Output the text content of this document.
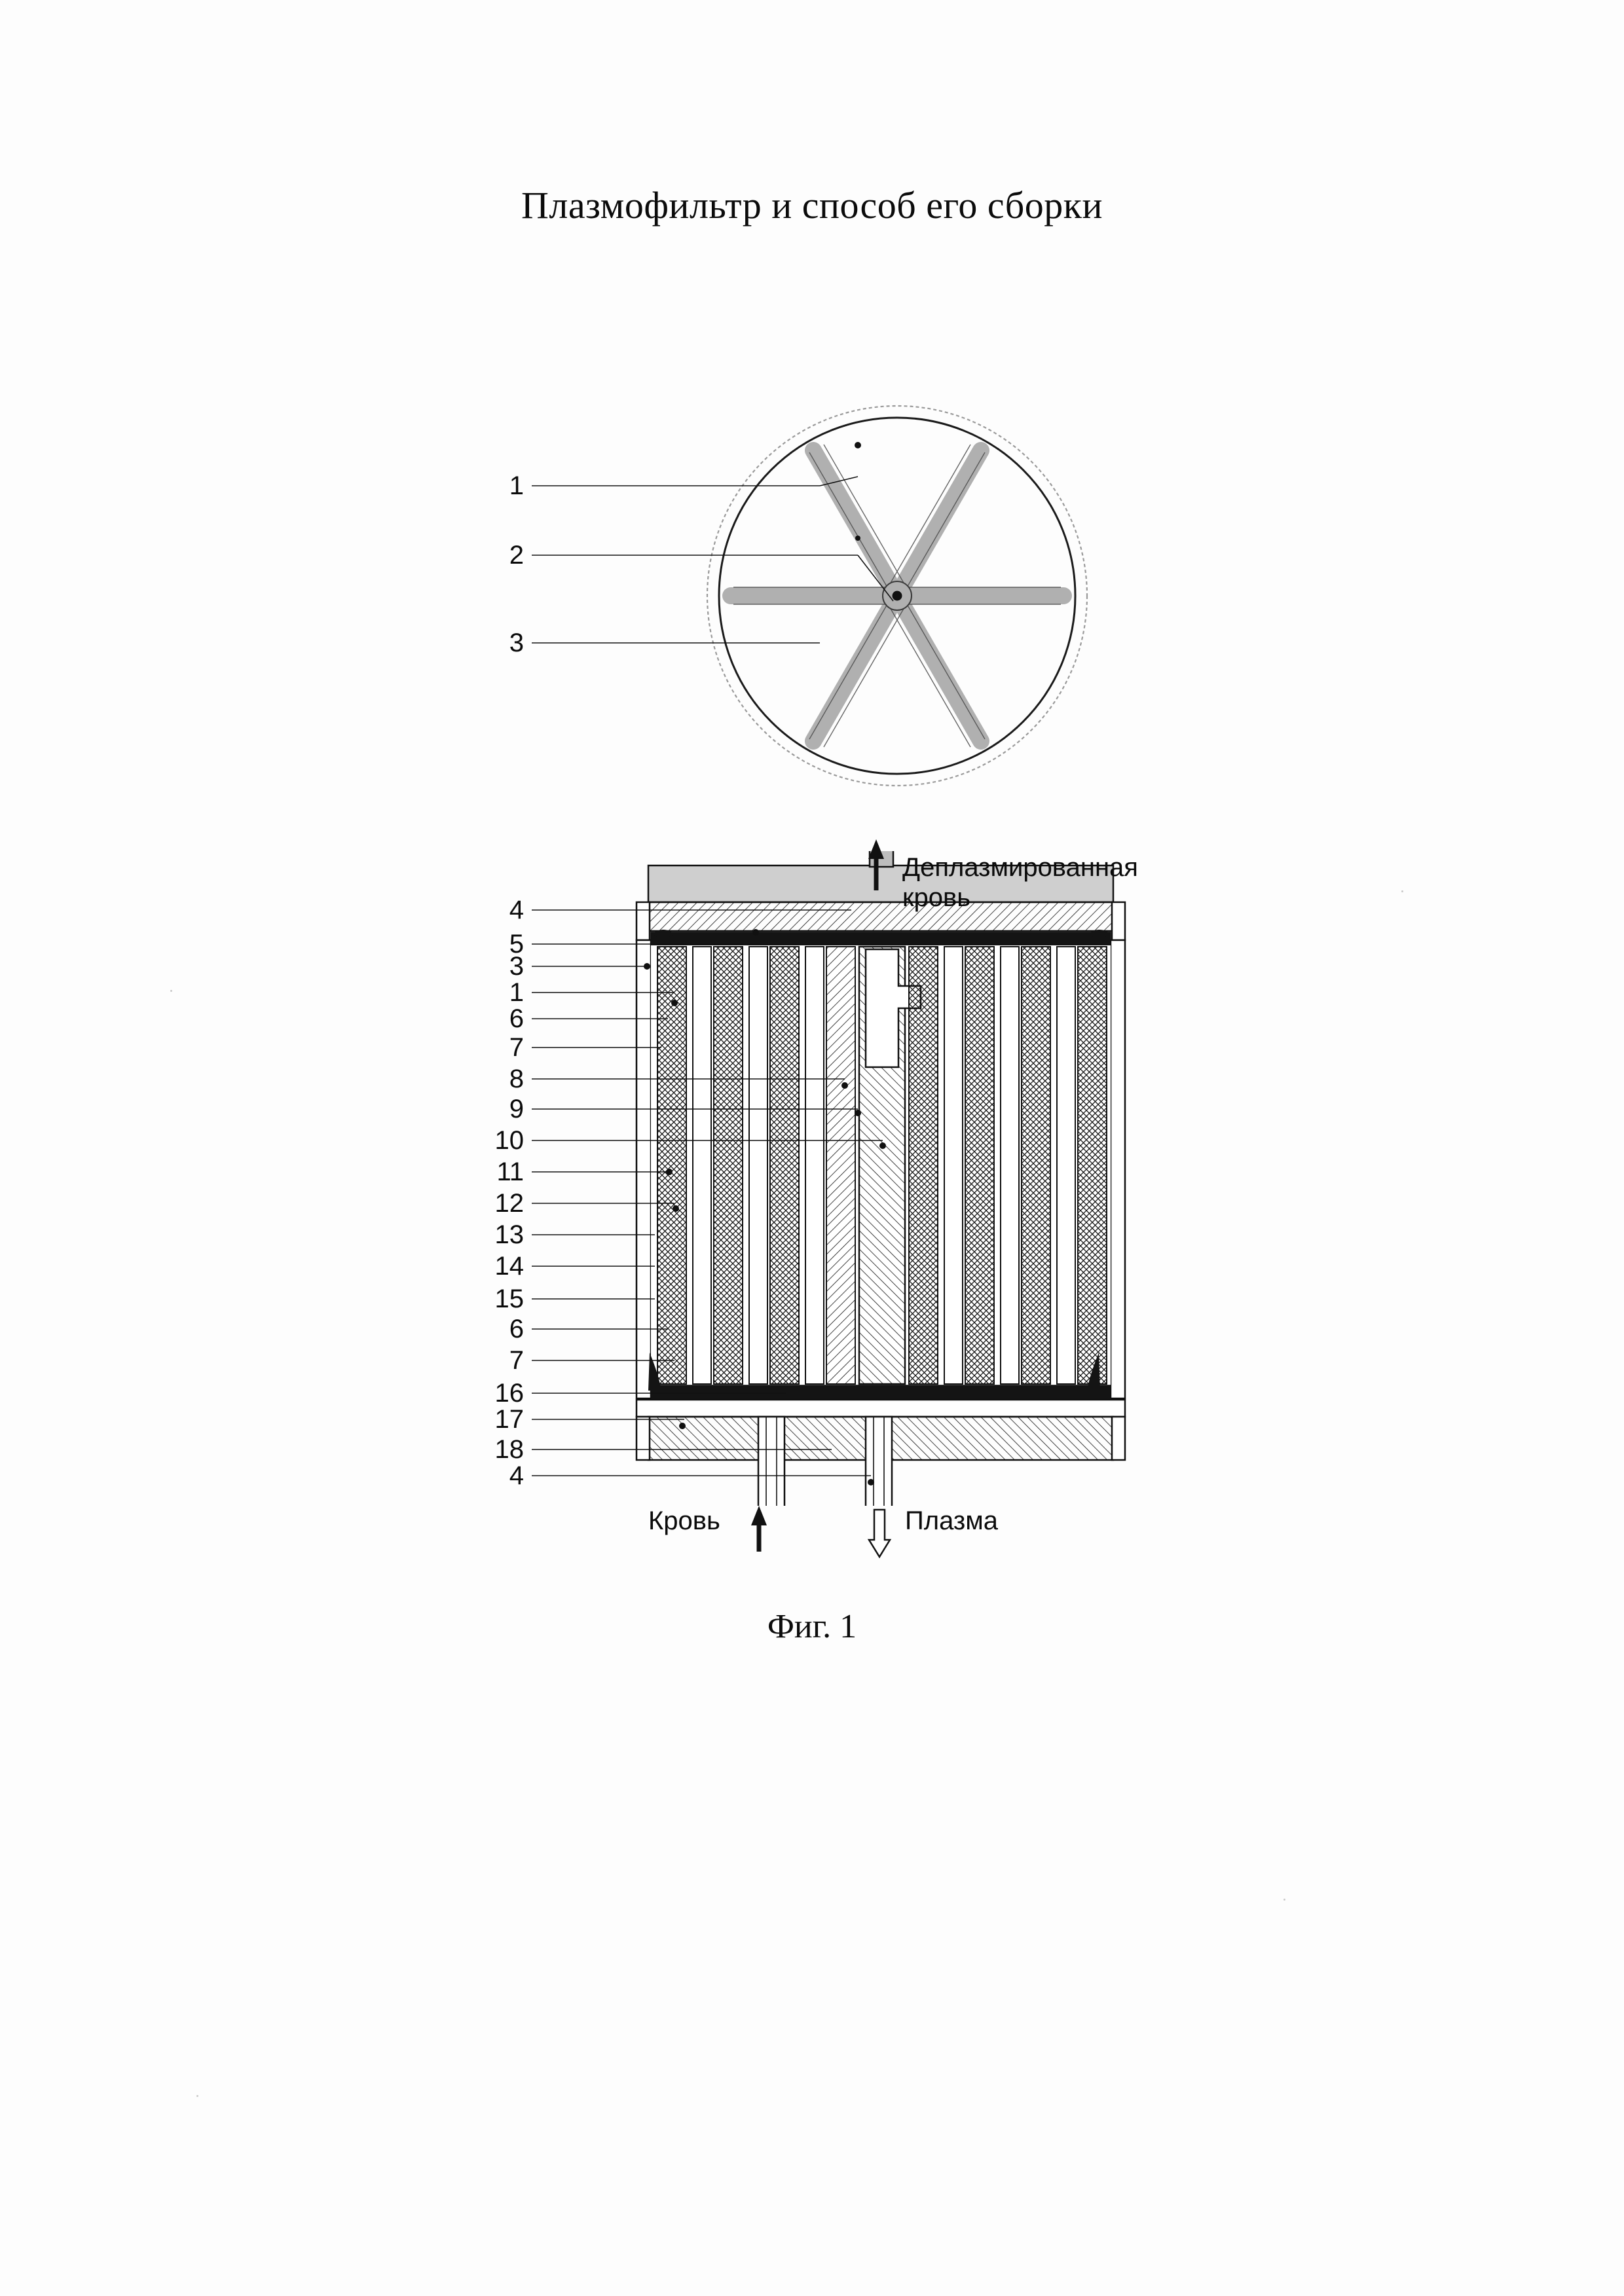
Плазмофильтр и способ его сборки
1
2
3
4
5
3
1
6
7
8
9
10
11
12
13
14
15
6
7
16
17
18
4
Деплазмированная
кровь
Кровь	Плазма
Фиг. 1
